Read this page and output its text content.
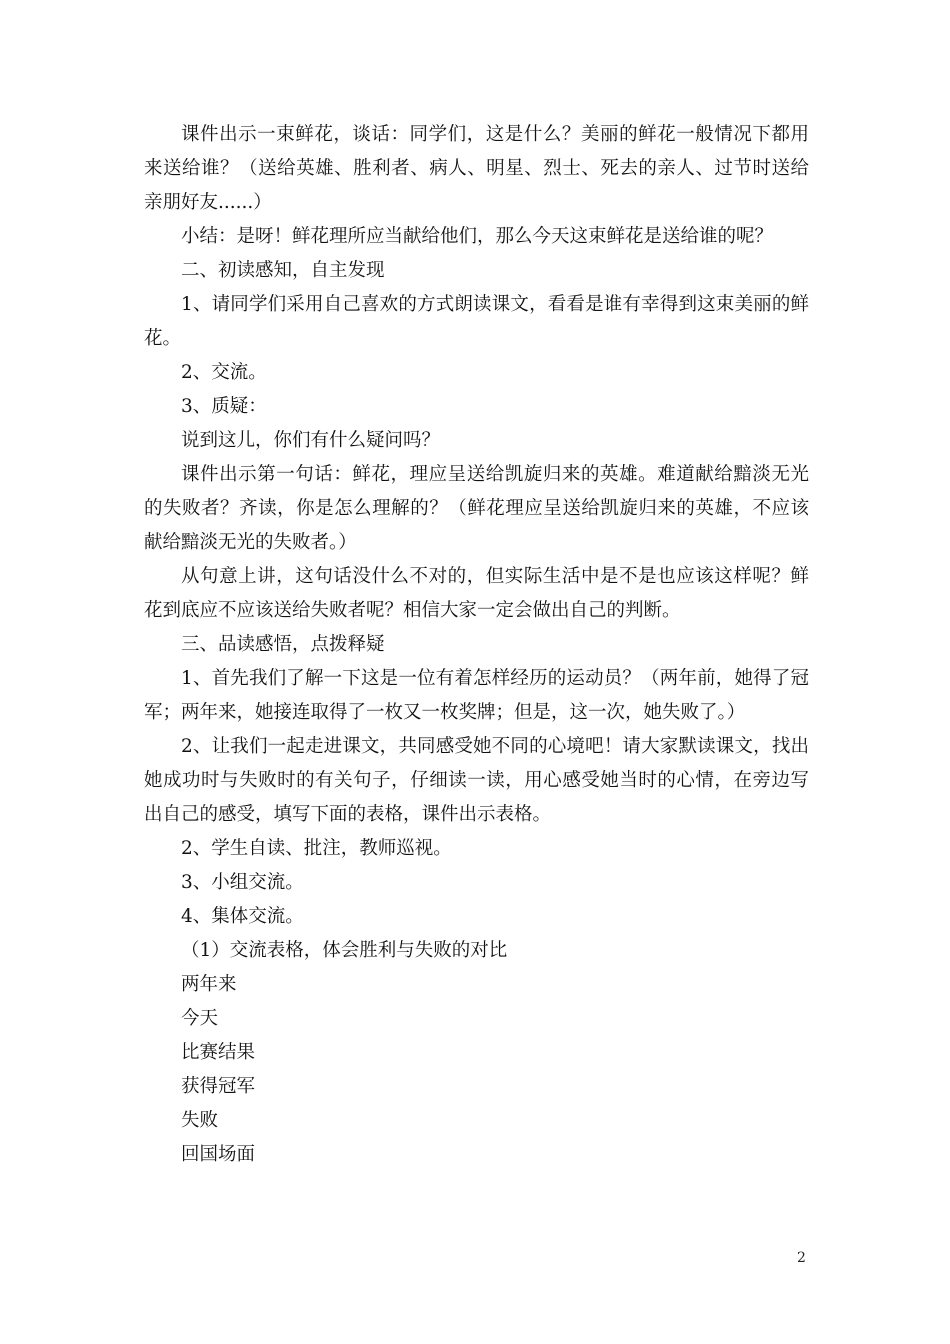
课件出示一束鲜花，谈话：同学们，这是什么？美丽的鲜花一般情况下都用来送给谁？（送给英雄、胜利者、病人、明星、烈士、死去的亲人、过节时送给亲朋好友......）

小结：是呀！鲜花理所应当献给他们，那么今天这束鲜花是送给谁的呢？

二、初读感知，自主发现

1、请同学们采用自己喜欢的方式朗读课文，看看是谁有幸得到这束美丽的鲜花。

2、交流。

3、质疑：

说到这儿，你们有什么疑问吗？

课件出示第一句话：鲜花，理应呈送给凯旋归来的英雄。难道献给黯淡无光的失败者？齐读，你是怎么理解的？（鲜花理应呈送给凯旋归来的英雄，不应该献给黯淡无光的失败者。）

从句意上讲，这句话没什么不对的，但实际生活中是不是也应该这样呢？鲜花到底应不应该送给失败者呢？相信大家一定会做出自己的判断。

三、品读感悟，点拨释疑

1、首先我们了解一下这是一位有着怎样经历的运动员？（两年前，她得了冠军；两年来，她接连取得了一枚又一枚奖牌；但是，这一次，她失败了。）

2、让我们一起走进课文，共同感受她不同的心境吧！请大家默读课文，找出她成功时与失败时的有关句子，仔细读一读，用心感受她当时的心情，在旁边写出自己的感受，填写下面的表格，课件出示表格。

2、学生自读、批注，教师巡视。

3、小组交流。

4、集体交流。

（1）交流表格，体会胜利与失败的对比

两年来

今天

比赛结果

获得冠军

失败

回国场面

2
